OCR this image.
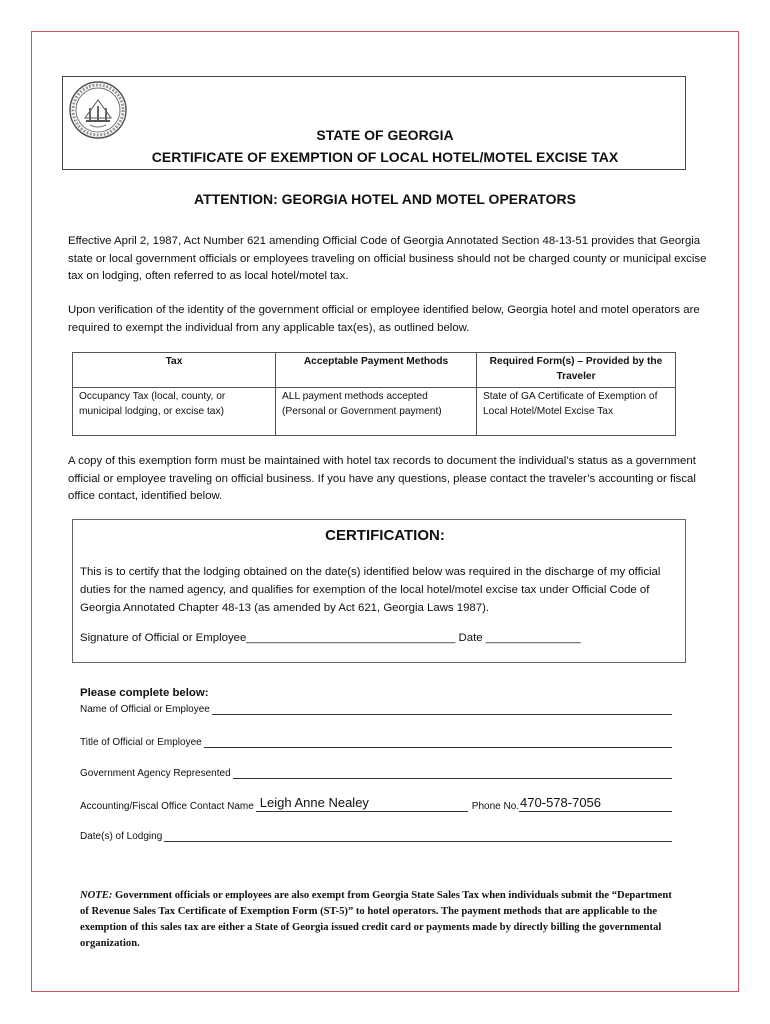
STATE OF GEORGIA
CERTIFICATE OF EXEMPTION OF LOCAL HOTEL/MOTEL EXCISE TAX
ATTENTION: GEORGIA HOTEL AND MOTEL OPERATORS
Effective April 2, 1987, Act Number 621 amending Official Code of Georgia Annotated Section 48-13-51 provides that Georgia state or local government officials or employees traveling on official business should not be charged county or municipal excise tax on lodging, often referred to as local hotel/motel tax.
Upon verification of the identity of the government official or employee identified below, Georgia hotel and motel operators are required to exempt the individual from any applicable tax(es), as outlined below.
Tax	Acceptable Payment Methods	Required Form(s) – Provided by the Traveler
Occupancy Tax (local, county, or municipal lodging, or excise tax)	ALL payment methods accepted (Personal or Government payment)	State of GA Certificate of Exemption of Local Hotel/Motel Excise Tax
A copy of this exemption form must be maintained with hotel tax records to document the individual’s status as a government official or employee traveling on official business. If you have any questions, please contact the traveler’s accounting or fiscal office contact, identified below.
CERTIFICATION:
This is to certify that the lodging obtained on the date(s) identified below was required in the discharge of my official duties for the named agency, and qualifies for exemption of the local hotel/motel excise tax under Official Code of Georgia Annotated Chapter 48-13 (as amended by Act 621, Georgia Laws 1987).
Signature of Official or Employee_________________________________ Date _______________
Please complete below:
Name of Official or Employee
Title of Official or Employee
Government Agency Represented
Accounting/Fiscal Office Contact Name Leigh Anne Nealey	Phone No. 470-578-7056
Date(s) of Lodging
NOTE: Government officials or employees are also exempt from Georgia State Sales Tax when individuals submit the “Department of Revenue Sales Tax Certificate of Exemption Form (ST-5)” to hotel operators. The payment methods that are applicable to the exemption of this sales tax are either a State of Georgia issued credit card or payments made by directly billing the governmental organization.
